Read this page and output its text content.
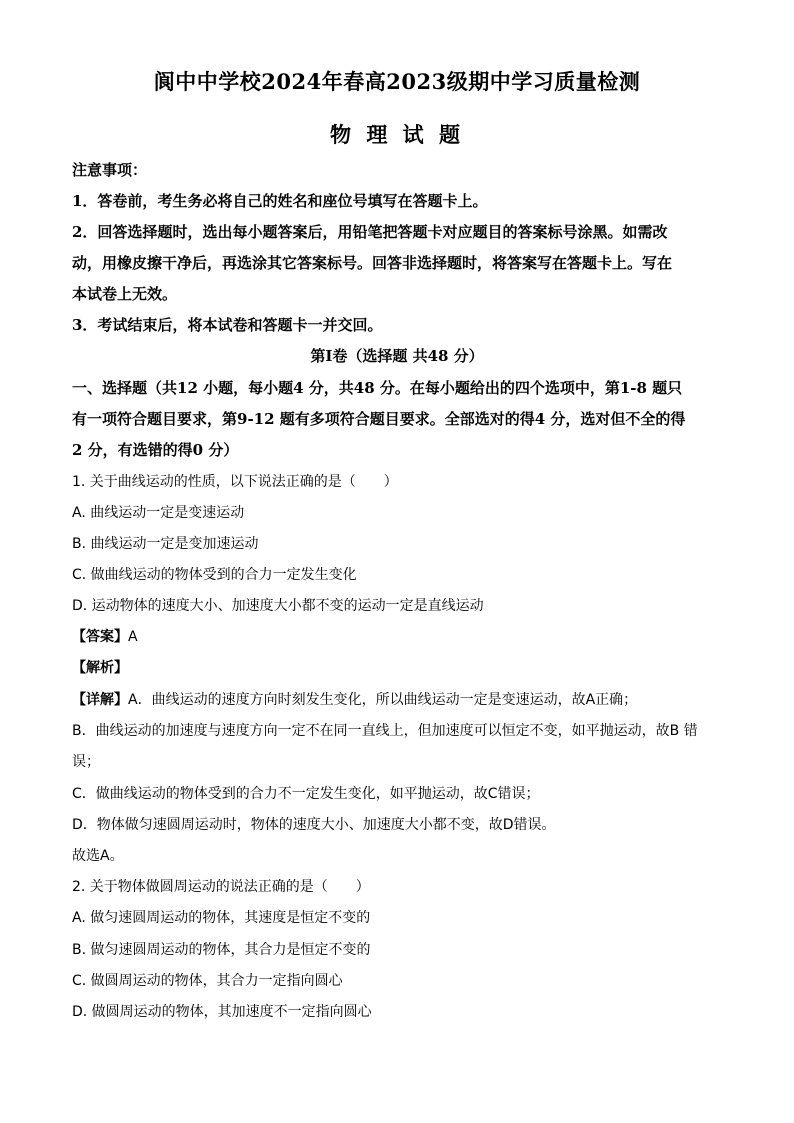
阆中中学校2024年春高2023级期中学习质量检测
物 理 试 题
注意事项：
1．答卷前，考生务必将自己的姓名和座位号填写在答题卡上。
2．回答选择题时，选出每小题答案后，用铅笔把答题卡对应题目的答案标号涂黑。如需改
动，用橡皮擦干净后，再选涂其它答案标号。回答非选择题时，将答案写在答题卡上。写在
本试卷上无效。
3．考试结束后，将本试卷和答题卡一并交回。
第Ⅰ卷（选择题 共48 分）
一、选择题（共12 小题，每小题4 分，共48 分。在每小题给出的四个选项中，第1-8 题只
有一项符合题目要求，第9-12 题有多项符合题目要求。全部选对的得4 分，选对但不全的得
2 分，有选错的得0 分）
1. 关于曲线运动的性质，以下说法正确的是（　　）
A. 曲线运动一定是变速运动
B. 曲线运动一定是变加速运动
C. 做曲线运动的物体受到的合力一定发生变化
D. 运动物体的速度大小、加速度大小都不变的运动一定是直线运动
【答案】A
【解析】
【详解】A．曲线运动的速度方向时刻发生变化，所以曲线运动一定是变速运动，故A正确；
B．曲线运动的加速度与速度方向一定不在同一直线上，但加速度可以恒定不变，如平抛运动，故B 错
误；
C．做曲线运动的物体受到的合力不一定发生变化，如平抛运动，故C错误；
D．物体做匀速圆周运动时，物体的速度大小、加速度大小都不变，故D错误。
故选A。
2. 关于物体做圆周运动的说法正确的是（　　）
A. 做匀速圆周运动的物体，其速度是恒定不变的
B. 做匀速圆周运动的物体，其合力是恒定不变的
C. 做圆周运动的物体，其合力一定指向圆心
D. 做圆周运动的物体，其加速度不一定指向圆心
